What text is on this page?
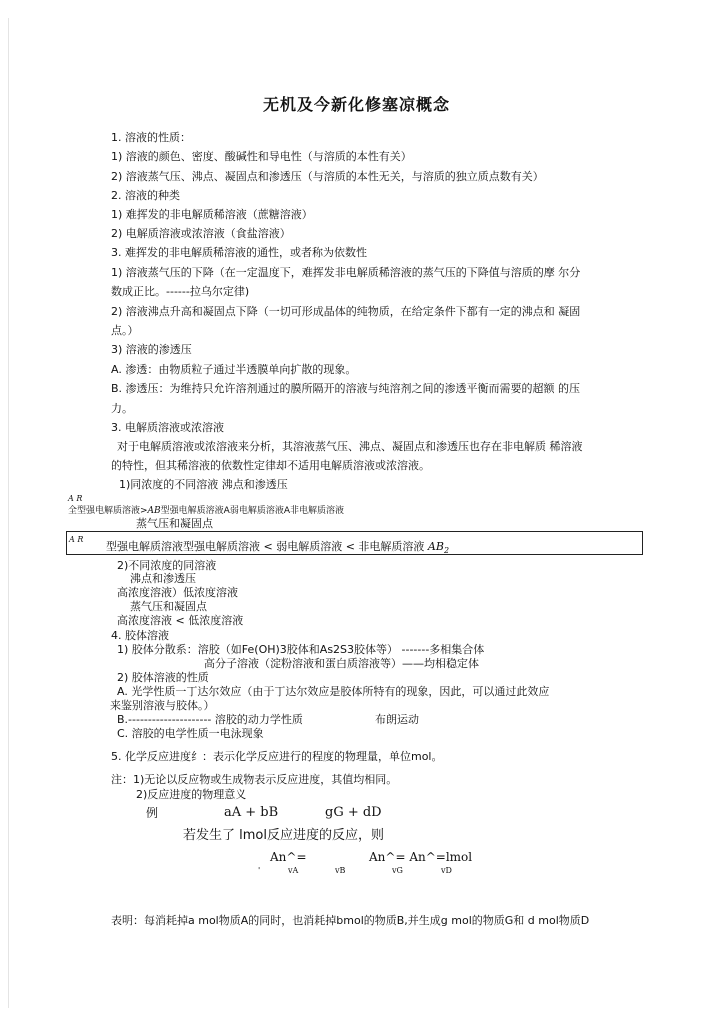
无机及今新化修塞凉概念
1. 溶液的性质：
1) 溶液的颜色、密度、酸碱性和导电性（与溶质的本性有关）
2) 溶液蒸气压、沸点、凝固点和渗透压（与溶质的本性无关，与溶质的独立质点数有关）
2. 溶液的种类
1) 难挥发的非电解质稀溶液（蔗糖溶液）
2) 电解质溶液或浓溶液（食盐溶液）
3. 难挥发的非电解质稀溶液的通性，或者称为依数性
1) 溶液蒸气压的下降（在一定温度下，难挥发非电解质稀溶液的蒸气压的下降值与溶质的摩 尔分
数成正比。------拉乌尔定律)
2) 溶液沸点升高和凝固点下降（一切可形成晶体的纯物质，在给定条件下都有一定的沸点和 凝固
点。）
3) 溶液的渗透压
A. 渗透：由物质粒子通过半透膜单向扩散的现象。
B. 渗透压：为维持只允许溶剂通过的膜所隔开的溶液与纯溶剂之间的渗透平衡而需要的超额 的压
力。
3. 电解质溶液或浓溶液
对于电解质溶液或浓溶液来分析，其溶液蒸气压、沸点、凝固点和渗透压也存在非电解质 稀溶液
的特性，但其稀溶液的依数性定律却不适用电解质溶液或浓溶液。
1)同浓度的不同溶液 沸点和渗透压
A R
全型强电解质溶液>AB型强电解质溶液A弱电解质溶液A非电解质溶液
蒸气压和凝固点
A R
型强电解质溶液型强电解质溶液 < 弱电解质溶液 < 非电解质溶液 $AB_2$
2)不同浓度的同溶液
沸点和渗透压
高浓度溶液）低浓度溶液
蒸气压和凝固点
高浓度溶液 < 低浓度溶液
4. 胶体溶液
1) 胶体分散系：溶胶（如Fe(OH)3胶体和As2S3胶体等） -------多相集合体
高分子溶液（淀粉溶液和蛋白质溶液等）——均相稳定体
2) 胶体溶液的性质
A. 光学性质一丁达尔效应（由于丁达尔效应是胶体所特有的现象，因此，可以通过此效应
来鉴别溶液与胶体。）
B.--------------------- 溶胶的动力学性质	布朗运动
C. 溶胶的电学性质一电泳现象
5. 化学反应进度纟：表示化学反应进行的程度的物理量，单位mol。
注：1)无论以反应物或生成物表示反应进度，其值均相同。
2)反应进度的物理意义
例	aA + bB	gG + dD
若发生了 lmol反应进度的反应，则
An^=	An^= An^=lmol
'	vA	vB	vG	vD
表明：每消耗掉a mol物质A的同时，也消耗掉bmol的物质B,并生成g mol的物质G和 d mol物质D
